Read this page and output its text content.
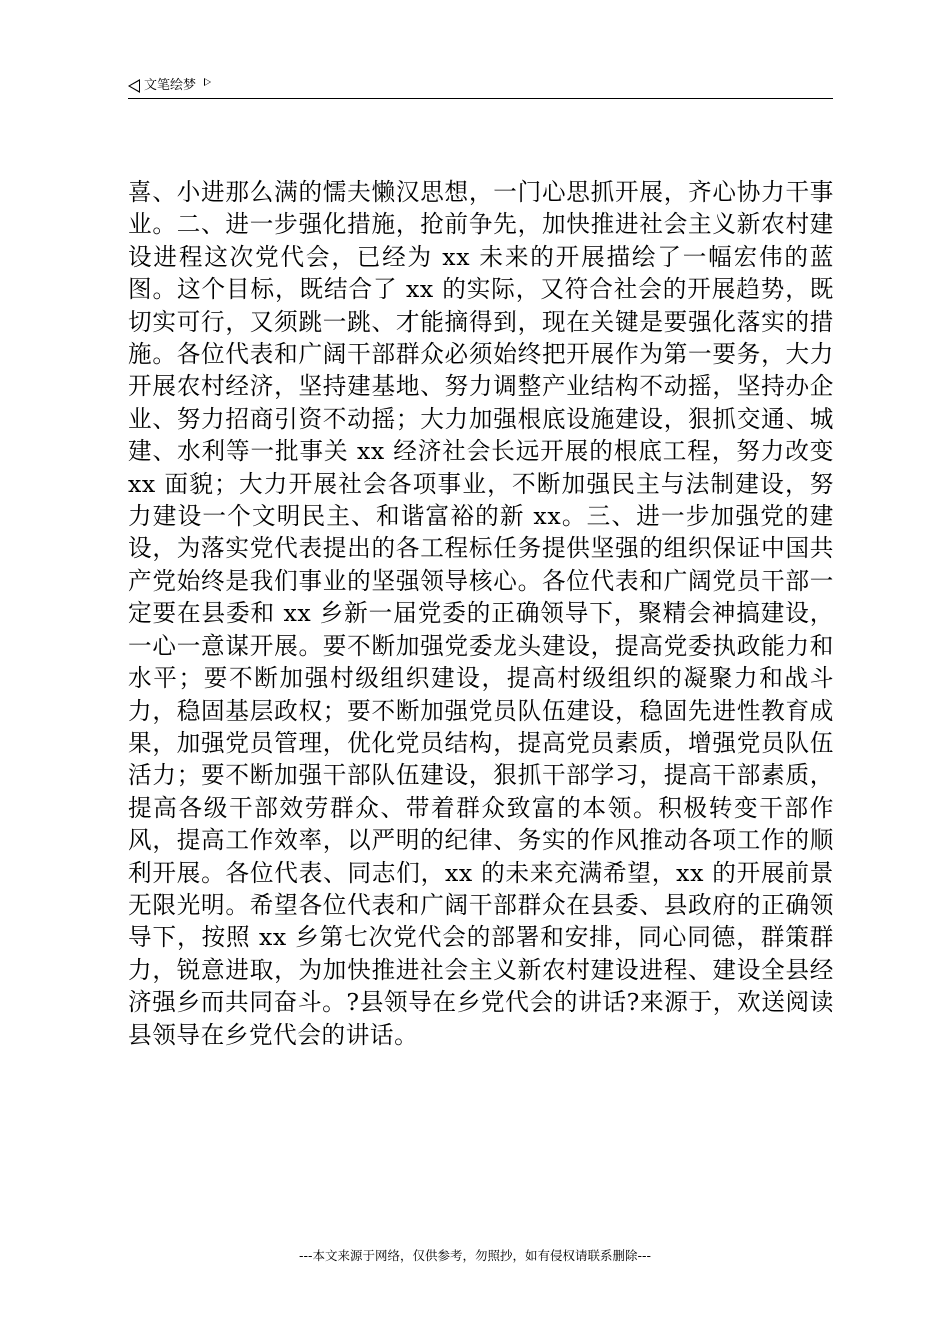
文笔绘梦

喜、小进那么满的懦夫懒汉思想，一门心思抓开展，齐心协力干事业。二、进一步强化措施，抢前争先，加快推进社会主义新农村建设进程这次党代会，已经为 xx 未来的开展描绘了一幅宏伟的蓝图。这个目标，既结合了 xx 的实际，又符合社会的开展趋势，既切实可行，又须跳一跳、才能摘得到，现在关键是要强化落实的措施。各位代表和广阔干部群众必须始终把开展作为第一要务，大力开展农村经济，坚持建基地、努力调整产业结构不动摇，坚持办企业、努力招商引资不动摇；大力加强根底设施建设，狠抓交通、城建、水利等一批事关 xx 经济社会长远开展的根底工程，努力改变 xx 面貌；大力开展社会各项事业，不断加强民主与法制建设，努力建设一个文明民主、和谐富裕的新 xx。三、进一步加强党的建设，为落实党代表提出的各工程标任务提供坚强的组织保证中国共产党始终是我们事业的坚强领导核心。各位代表和广阔党员干部一定要在县委和 xx 乡新一届党委的正确领导下，聚精会神搞建设，一心一意谋开展。要不断加强党委龙头建设，提高党委执政能力和水平；要不断加强村级组织建设，提高村级组织的凝聚力和战斗力，稳固基层政权；要不断加强党员队伍建设，稳固先进性教育成果，加强党员管理，优化党员结构，提高党员素质，增强党员队伍活力；要不断加强干部队伍建设，狠抓干部学习，提高干部素质，提高各级干部效劳群众、带着群众致富的本领。积极转变干部作风，提高工作效率，以严明的纪律、务实的作风推动各项工作的顺利开展。各位代表、同志们，xx 的未来充满希望，xx 的开展前景无限光明。希望各位代表和广阔干部群众在县委、县政府的正确领导下，按照 xx 乡第七次党代会的部署和安排，同心同德，群策群力，锐意进取，为加快推进社会主义新农村建设进程、建设全县经济强乡而共同奋斗。?县领导在乡党代会的讲话?来源于，欢送阅读县领导在乡党代会的讲话。

---本文来源于网络，仅供参考，勿照抄，如有侵权请联系删除---
